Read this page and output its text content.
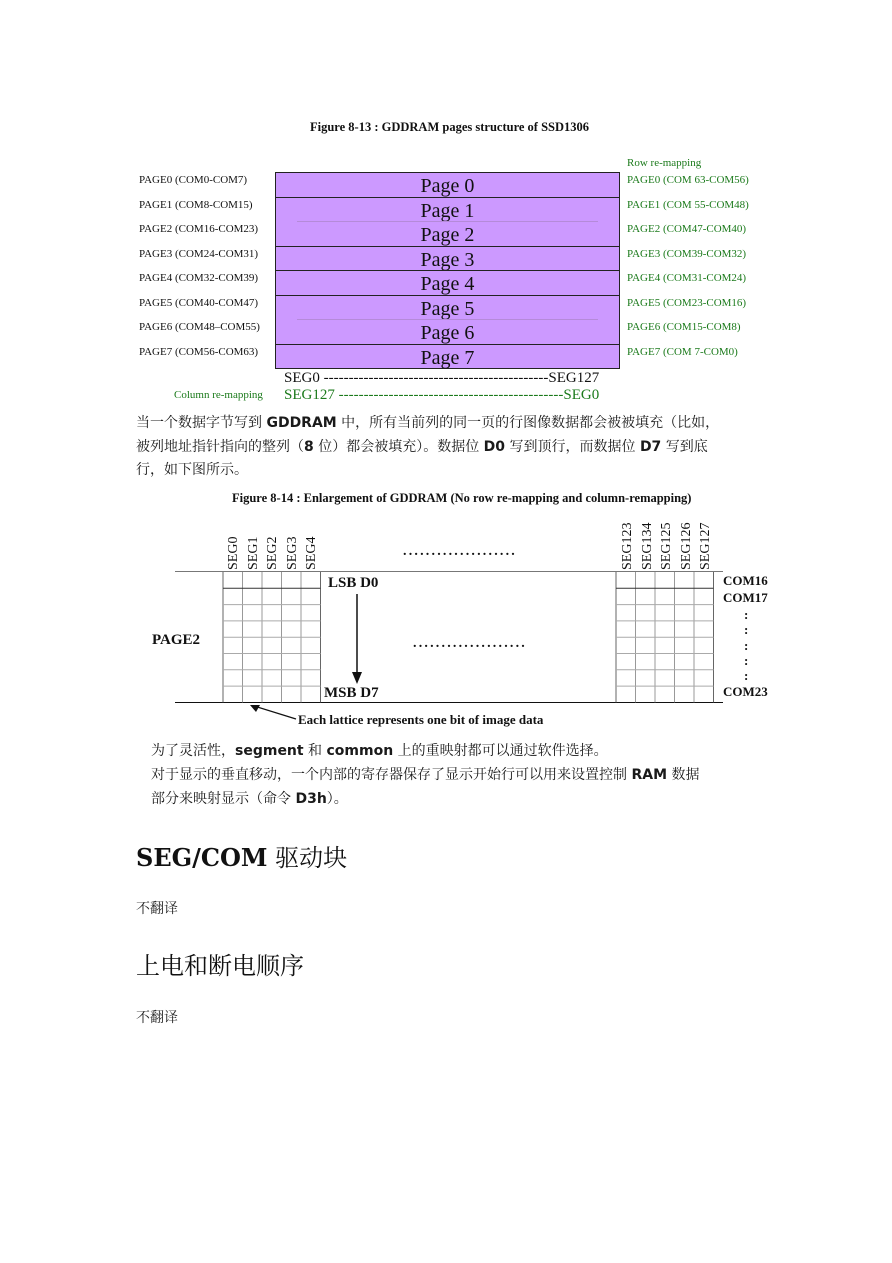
Figure 8-13 : GDDRAM pages structure of SSD1306
Row re-mapping
PAGE0 (COM0-COM7)
PAGE1 (COM8-COM15)
PAGE2 (COM16-COM23)
PAGE3 (COM24-COM31)
PAGE4 (COM32-COM39)
PAGE5 (COM40-COM47)
PAGE6 (COM48–COM55)
PAGE7 (COM56-COM63)
PAGE0 (COM 63-COM56)
PAGE1 (COM 55-COM48)
PAGE2 (COM47-COM40)
PAGE3 (COM39-COM32)
PAGE4 (COM31-COM24)
PAGE5 (COM23-COM16)
PAGE6 (COM15-COM8)
PAGE7 (COM 7-COM0)
Page 0
Page 1
Page 2
Page 3
Page 4
Page 5
Page 6
Page 7
SEG0 ---------------------------------------------SEG127
Column re-mapping SEG127 ---------------------------------------------SEG0
当一个数据字节写到 GDDRAM 中，所有当前列的同一页的行图像数据都会被被填充（比如，
被列地址指针指向的整列（8 位）都会被填充）。数据位 D0 写到顶行，而数据位 D7 写到底
行，如下图所示。
Figure 8-14 : Enlargement of GDDRAM (No row re-mapping and column-remapping)
SEG0 SEG1 SEG2 SEG3 SEG4	SEG123 SEG134 SEG125 SEG126 SEG127
....................
PAGE2
LSB D0
MSB D7
....................
COM16
COM17
:
:
:
:
:
COM23
Each lattice represents one bit of image data
为了灵活性，segment 和 common 上的重映射都可以通过软件选择。
对于显示的垂直移动，一个内部的寄存器保存了显示开始行可以用来设置控制 RAM 数据
部分来映射显示（命令 D3h）。
SEG/COM 驱动块
不翻译
上电和断电顺序
不翻译
